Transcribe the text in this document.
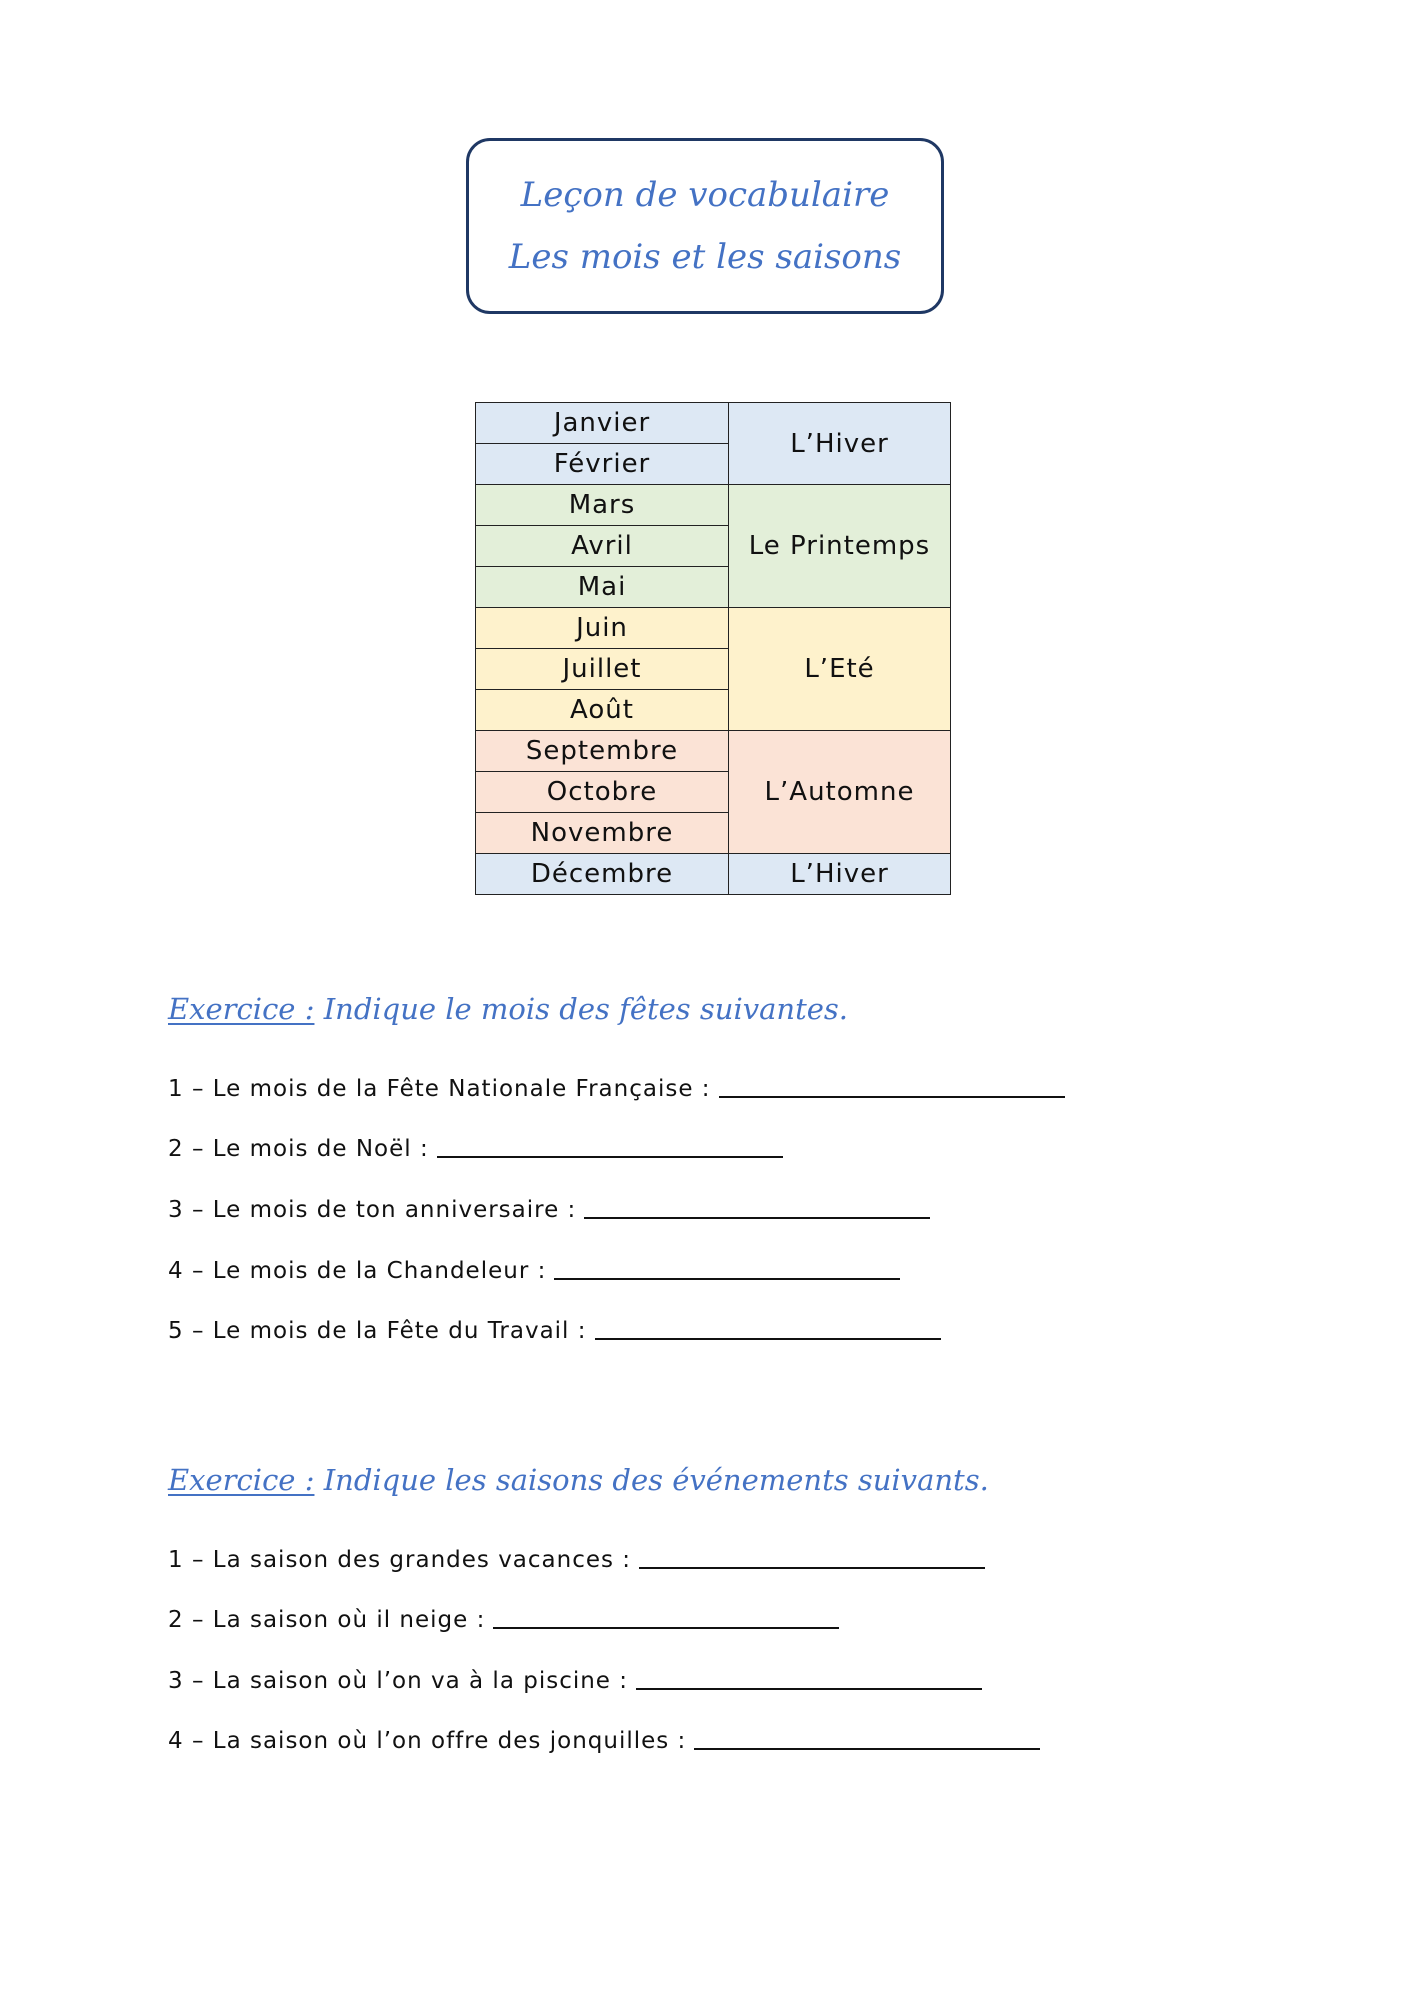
Leçon de vocabulaire
Les mois et les saisons
Janvier	L’Hiver
Février	
Mars	Le Printemps
Avril	
Mai	
Juin	L’Eté
Juillet	
Août	
Septembre	L’Automne
Octobre	
Novembre	
Décembre	L’Hiver
Exercice : Indique le mois des fêtes suivantes.
1 – Le mois de la Fête Nationale Française :
2 – Le mois de Noël :
3 – Le mois de ton anniversaire :
4 – Le mois de la Chandeleur :
5 – Le mois de la Fête du Travail :
Exercice : Indique les saisons des événements suivants.
1 – La saison des grandes vacances :
2 – La saison où il neige :
3 – La saison où l’on va à la piscine :
4 – La saison où l’on offre des jonquilles :
